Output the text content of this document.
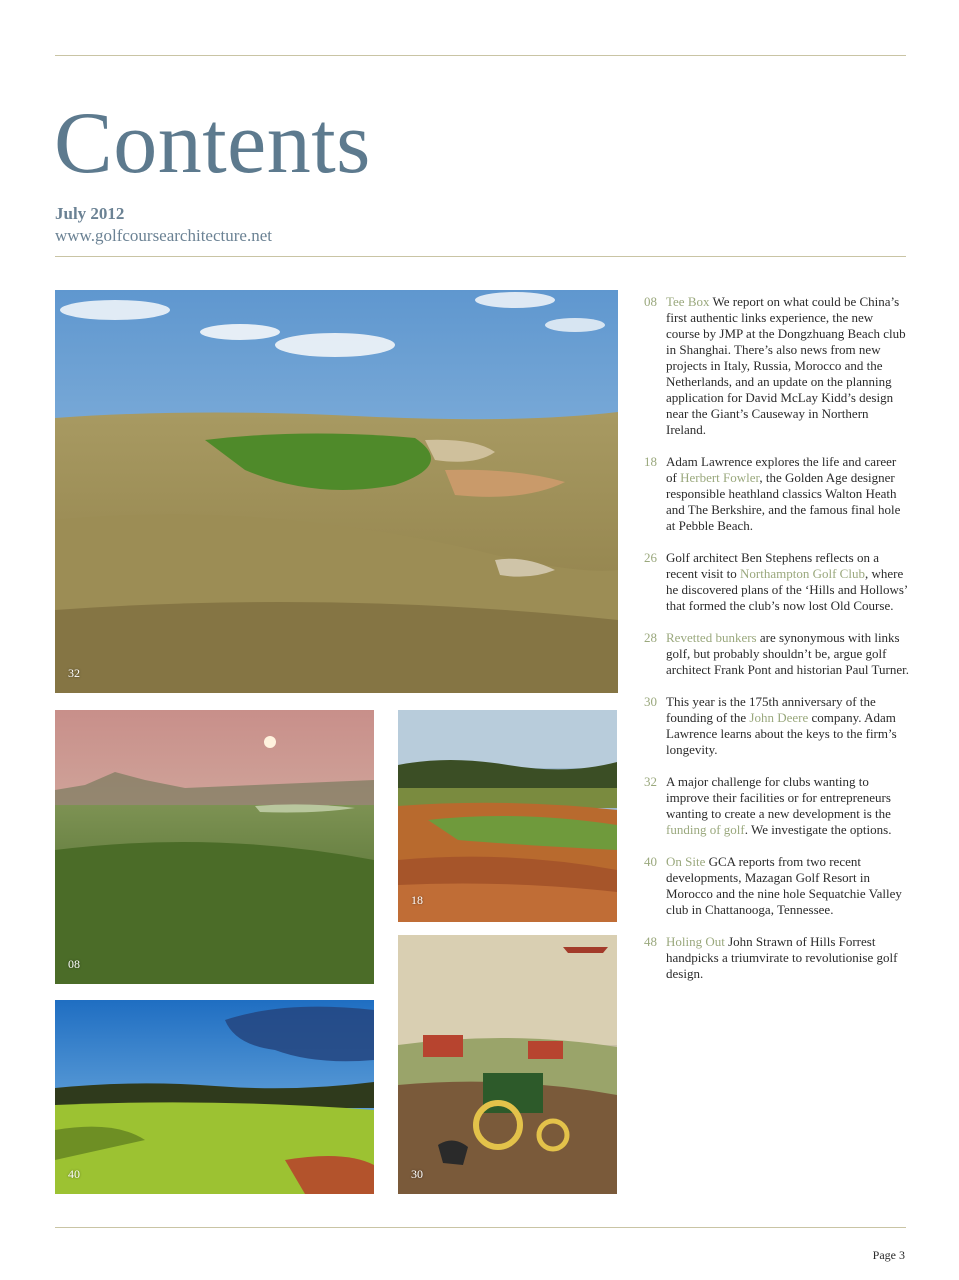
Contents
July 2012
www.golfcoursearchitecture.net
32
08
18
40	30
08 Tee Box We report on what could be China’s first authentic links experience, the new course by JMP at the Dongzhuang Beach club in Shanghai. There’s also news from new projects in Italy, Russia, Morocco and the Netherlands, and an update on the planning application for David McLay Kidd’s design near the Giant’s Causeway in Northern Ireland.
18 Adam Lawrence explores the life and career of Herbert Fowler, the Golden Age designer responsible heathland classics Walton Heath and The Berkshire, and the famous final hole at Pebble Beach.
26 Golf architect Ben Stephens reflects on a recent visit to Northampton Golf Club, where he discovered plans of the ‘Hills and Hollows’ that formed the club’s now lost Old Course.
28 Revetted bunkers are synonymous with links golf, but probably shouldn’t be, argue golf architect Frank Pont and historian Paul Turner.
30 This year is the 175th anniversary of the founding of the John Deere company. Adam Lawrence learns about the keys to the firm’s longevity.
32 A major challenge for clubs wanting to improve their facilities or for entrepreneurs wanting to create a new development is the funding of golf. We investigate the options.
40 On Site GCA reports from two recent developments, Mazagan Golf Resort in Morocco and the nine hole Sequatchie Valley club in Chattanooga, Tennessee.
48 Holing Out John Strawn of Hills Forrest handpicks a triumvirate to revolutionise golf design.
Page 3
